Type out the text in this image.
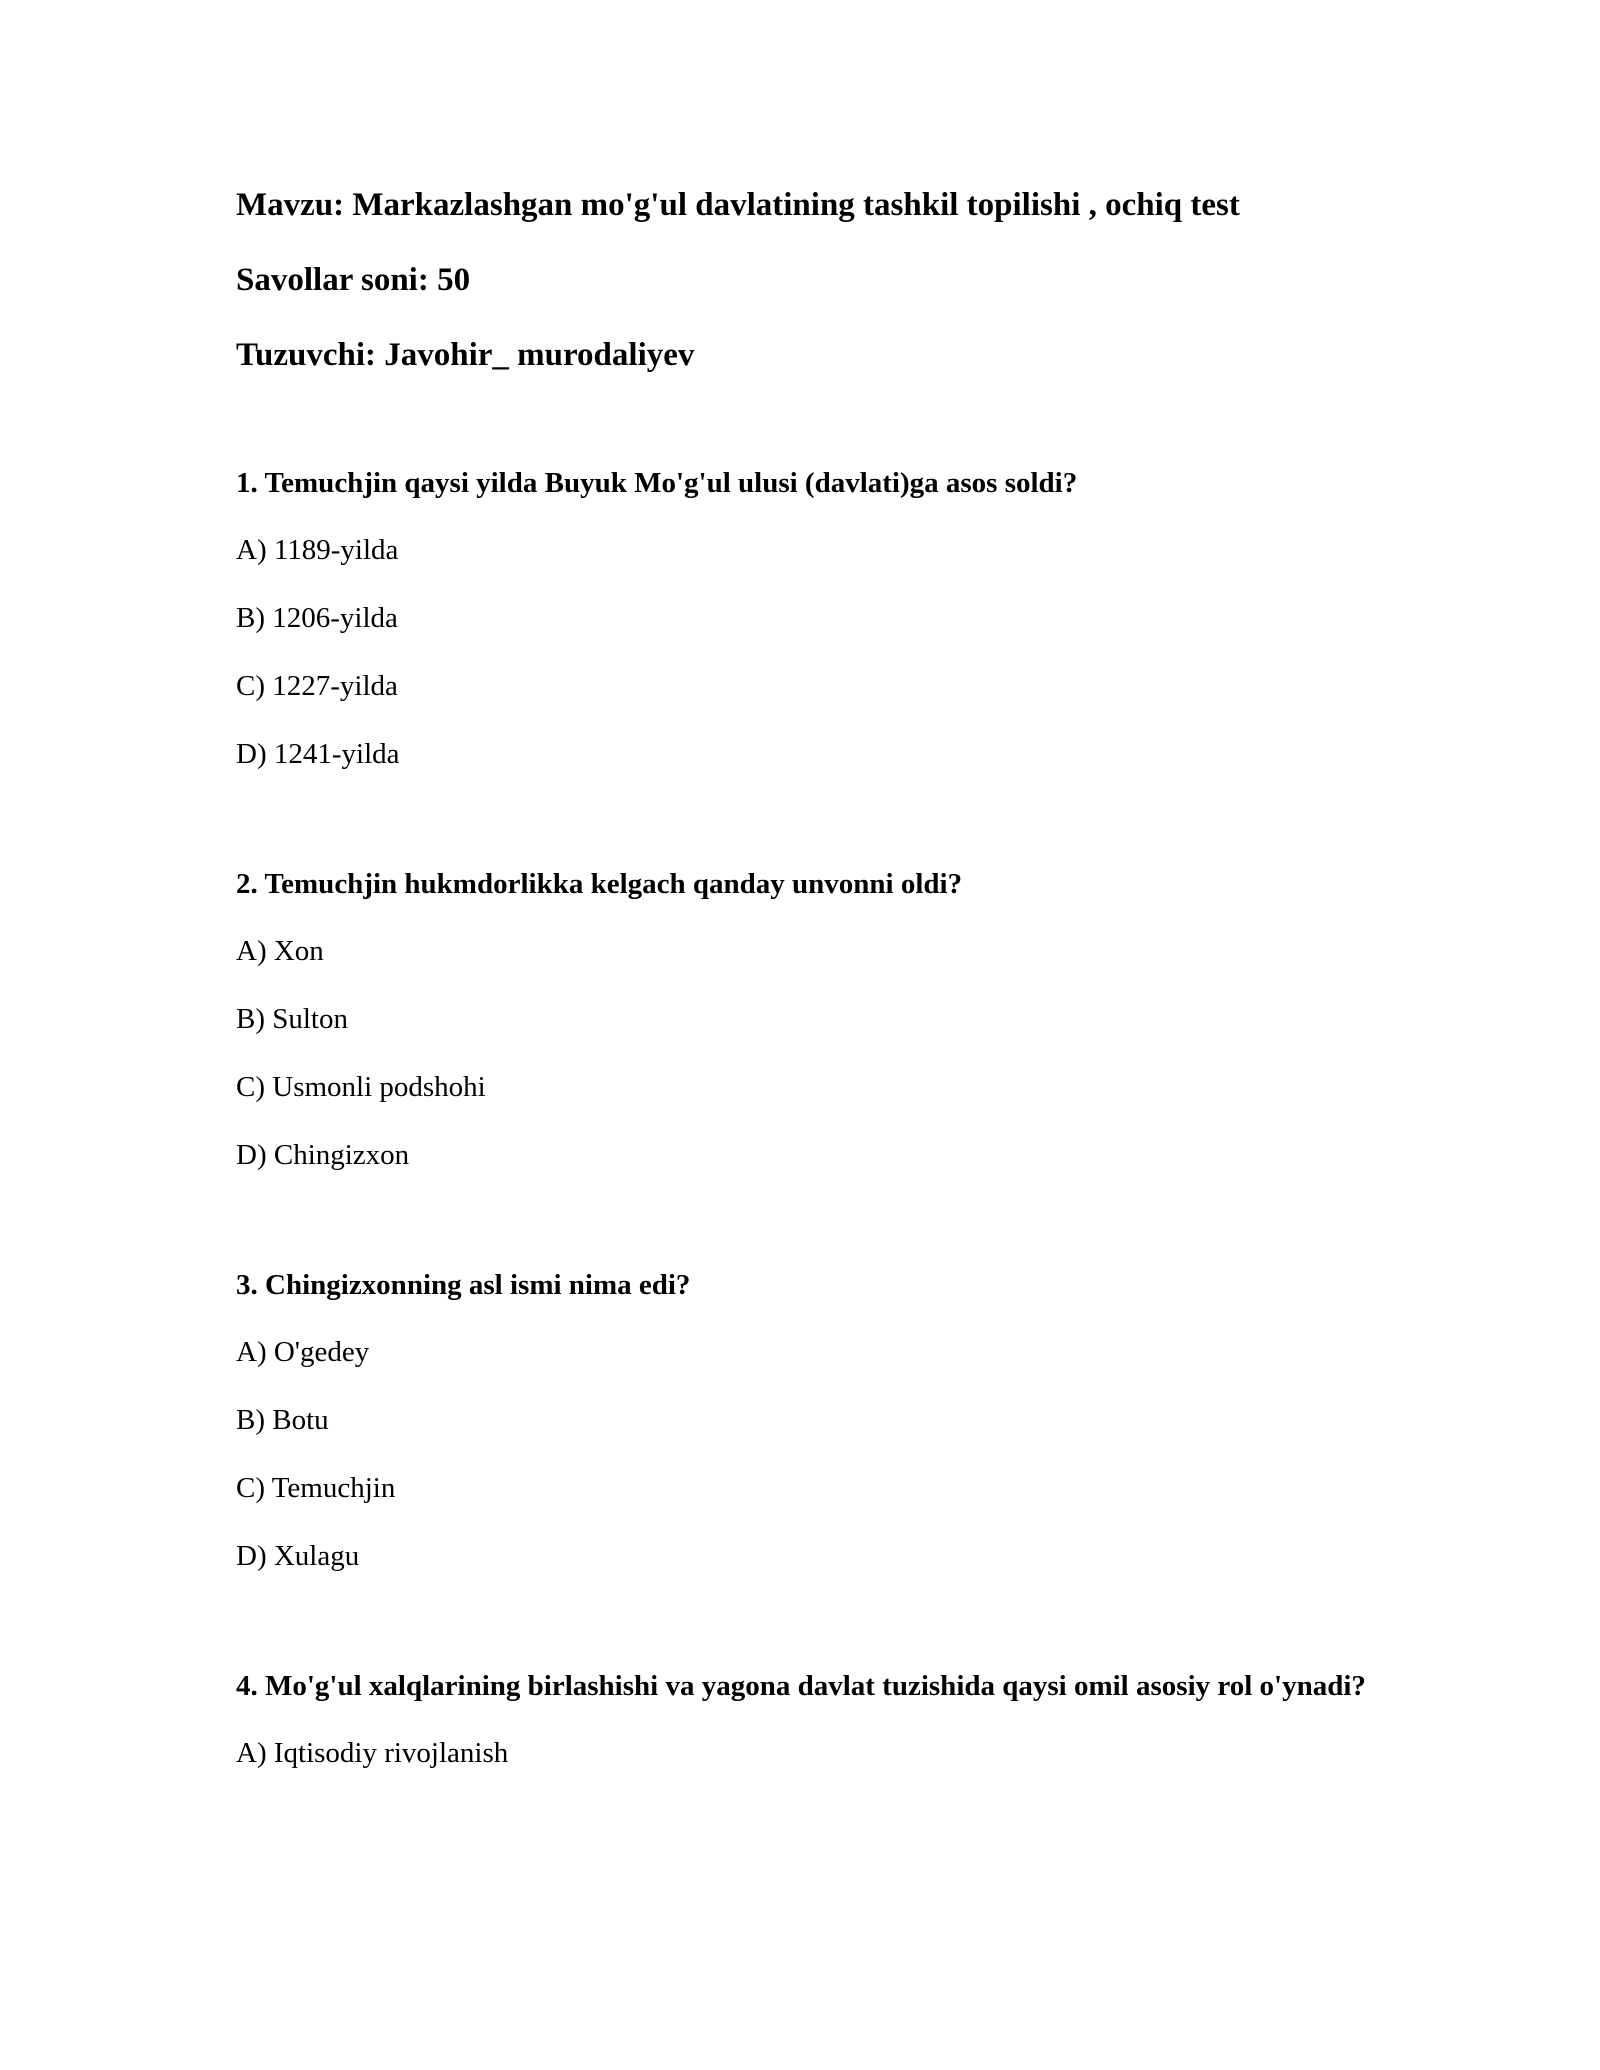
Mavzu: Markazlashgan mo'g'ul davlatining tashkil topilishi , ochiq test
Savollar soni: 50
Tuzuvchi: Javohir_ murodaliyev
1. Temuchjin qaysi yilda Buyuk Mo'g'ul ulusi (davlati)ga asos soldi?
A) 1189-yilda
B) 1206-yilda
C) 1227-yilda
D) 1241-yilda
2. Temuchjin hukmdorlikka kelgach qanday unvonni oldi?
A) Xon
B) Sulton
C) Usmonli podshohi
D) Chingizxon
3. Chingizxonning asl ismi nima edi?
A) O'gedey
B) Botu
C) Temuchjin
D) Xulagu
4. Mo'g'ul xalqlarining birlashishi va yagona davlat tuzishida qaysi omil asosiy rol o'ynadi?
A) Iqtisodiy rivojlanish
